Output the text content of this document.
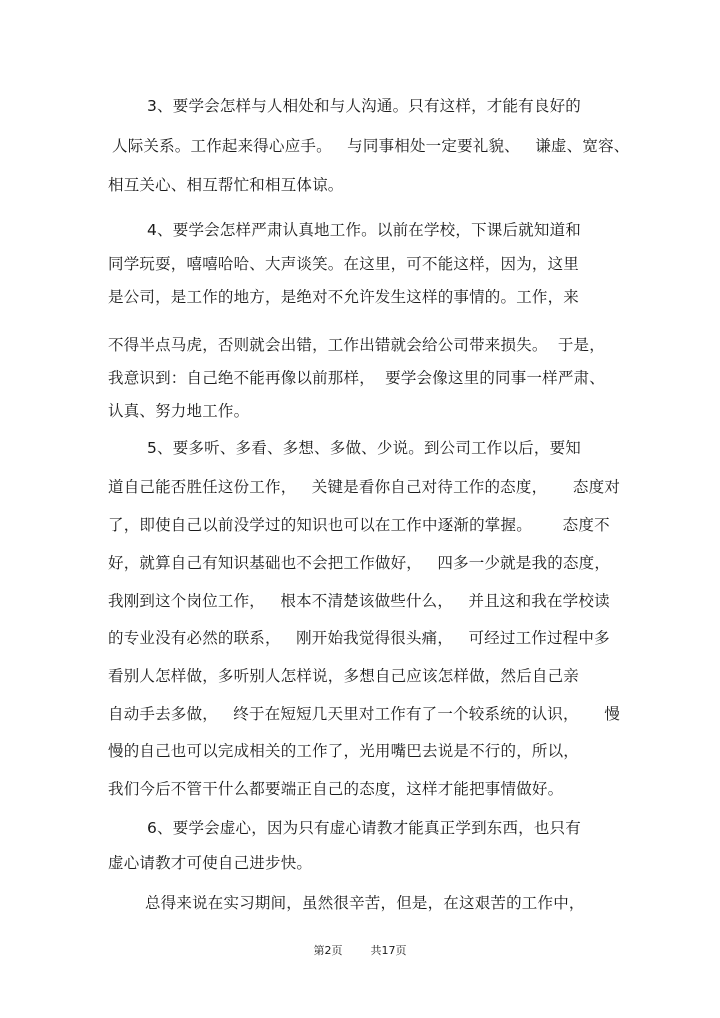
3、要学会怎样与人相处和与人沟通。只有这样，才能有良好的
人际关系。工作起来得心应手。   与同事相处一定要礼貌、   谦虚、宽容、
相互关心、相互帮忙和相互体谅。
4、要学会怎样严肃认真地工作。以前在学校，下课后就知道和
同学玩耍，嘻嘻哈哈、大声谈笑。在这里，可不能这样，因为，这里
是公司，是工作的地方，是绝对不允许发生这样的事情的。工作，来
不得半点马虎，否则就会出错，工作出错就会给公司带来损失。  于是，
我意识到：自己绝不能再像以前那样，  要学会像这里的同事一样严肃、
认真、努力地工作。
5、要多听、多看、多想、多做、少说。到公司工作以后，要知
道自己能否胜任这份工作，   关键是看你自己对待工作的态度，     态度对
了，即使自己以前没学过的知识也可以在工作中逐渐的掌握。      态度不
好，就算自己有知识基础也不会把工作做好，   四多一少就是我的态度，
我刚到这个岗位工作，   根本不清楚该做些什么，   并且这和我在学校读
的专业没有必然的联系，   刚开始我觉得很头痛，   可经过工作过程中多
看别人怎样做，多听别人怎样说，多想自己应该怎样做，然后自己亲
自动手去多做，   终于在短短几天里对工作有了一个较系统的认识，     慢
慢的自己也可以完成相关的工作了，光用嘴巴去说是不行的，所以，
我们今后不管干什么都要端正自己的态度，这样才能把事情做好。
6、要学会虚心，因为只有虚心请教才能真正学到东西，也只有
虚心请教才可使自己进步快。
总得来说在实习期间，虽然很辛苦，但是，在这艰苦的工作中，
第2页	共17页
